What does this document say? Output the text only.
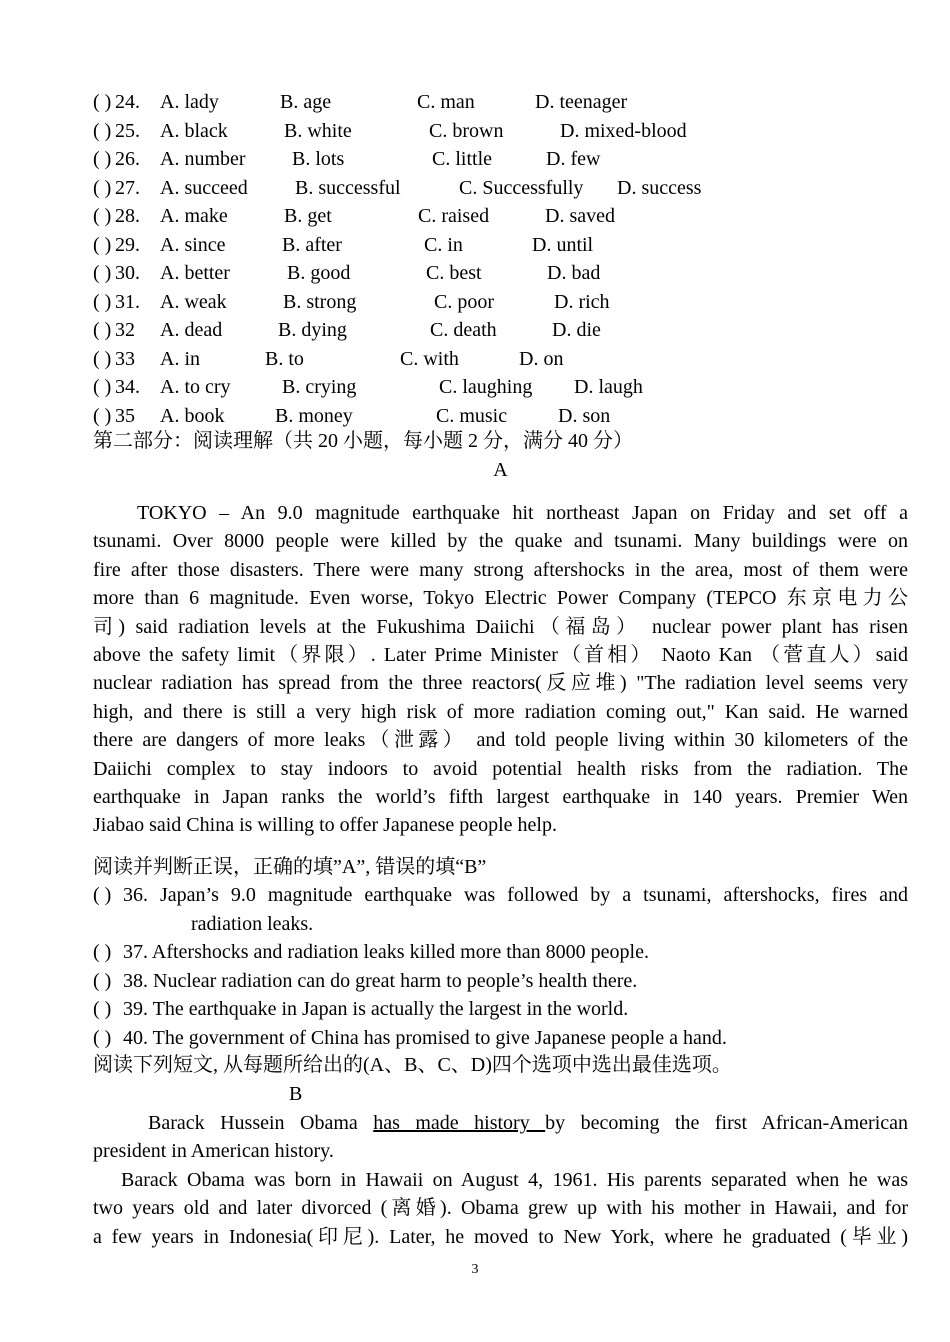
( ) 24. A. lady	B. age	C. man	D. teenager
( ) 25. A. black	B. white	C. brown	D. mixed-blood
( ) 26. A. number B. lots	C. little	D. few
( ) 27. A. succeed B. successful	C. Successfully D. success
( ) 28. A. make	B. get	C. raised	D. saved
( ) 29. A. since	B. after	C. in	D. until
( ) 30. A. better	B. good	C. best	D. bad
( ) 31. A. weak	B. strong	C. poor	D. rich
( ) 32 A. dead	B. dying	C. death	D. die
( ) 33 A. in	B. to	C. with	D. on
( ) 34. A. to cry	B. crying	C. laughing D. laugh
( ) 35 A. book	B. money	C. music	D. son
第二部分：阅读理解（共 20 小题，每小题 2 分，满分 40 分）
A
TOKYO – An 9.0 magnitude earthquake hit northeast Japan on Friday and set off a
tsunami. Over 8000 people were killed by the quake and tsunami. Many buildings were on
fire after those disasters. There were many strong aftershocks in the area, most of them were
more than 6 magnitude. Even worse, Tokyo Electric Power Company (TEPCO 东京电力公
司) said radiation levels at the Fukushima Daiichi（福岛） nuclear power plant has risen
above the safety limit（界限）. Later Prime Minister（首相） Naoto Kan （菅直人）said
nuclear radiation has spread from the three reactors(反应堆) "The radiation level seems very
high, and there is still a very high risk of more radiation coming out," Kan said. He warned
there are dangers of more leaks（泄露） and told people living within 30 kilometers of the
Daiichi complex to stay indoors to avoid potential health risks from the radiation. The
earthquake in Japan ranks the world’s fifth largest earthquake in 140 years. Premier Wen
Jiabao said China is willing to offer Japanese people help.
阅读并判断正误，正确的填”A”, 错误的填“B”
( ) 36. Japan’s 9.0 magnitude earthquake was followed by a tsunami, aftershocks, fires and
radiation leaks.
( ) 37. Aftershocks and radiation leaks killed more than 8000 people.
( ) 38. Nuclear radiation can do great harm to people’s health there.
( ) 39. The earthquake in Japan is actually the largest in the world.
( ) 40. The government of China has promised to give Japanese people a hand.
阅读下列短文, 从每题所给出的(A、B、C、D)四个选项中选出最佳选项。
B
Barack Hussein Obama has made history by becoming the first African-American
president in American history.
Barack Obama was born in Hawaii on August 4, 1961. His parents separated when he was
two years old and later divorced (离婚). Obama grew up with his mother in Hawaii, and for
a few years in Indonesia(印尼). Later, he moved to New York, where he graduated (毕业)
3
